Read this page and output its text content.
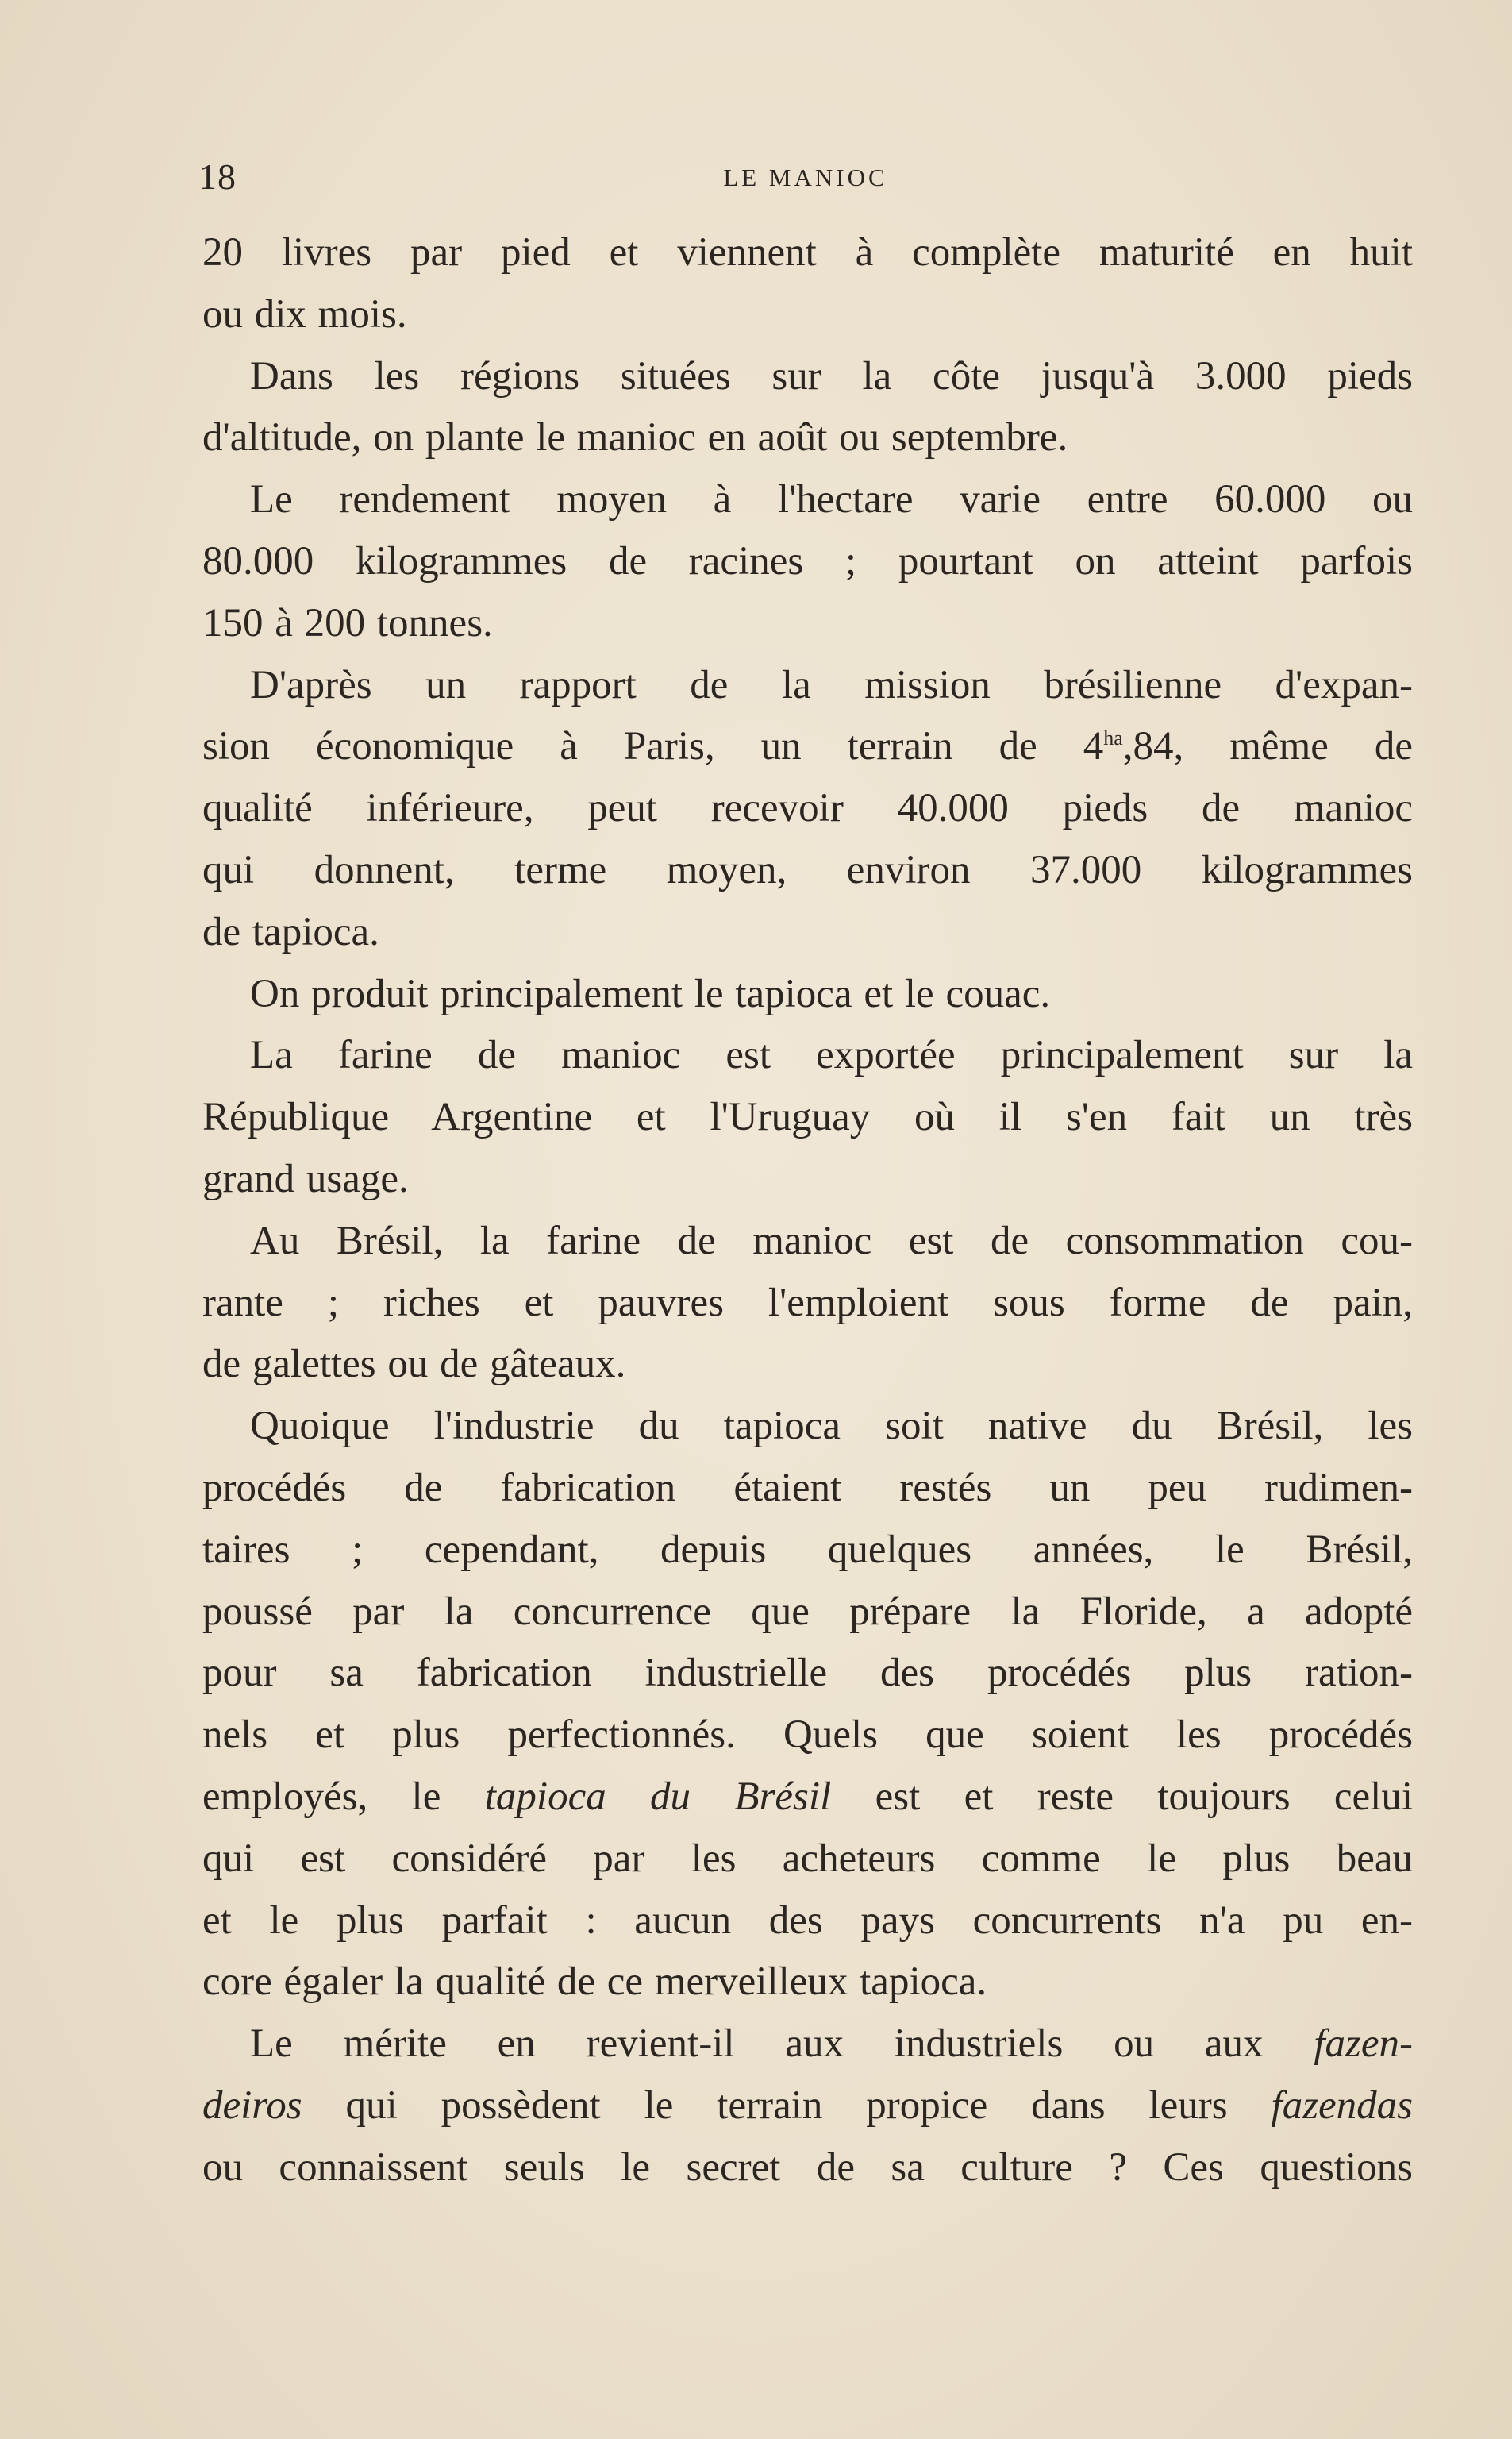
18	LE MANIOC
20 livres par pied et viennent à complète maturité en huit
ou dix mois.
Dans les régions situées sur la côte jusqu'à 3.000 pieds
d'altitude, on plante le manioc en août ou septembre.
Le rendement moyen à l'hectare varie entre 60.000 ou
80.000 kilogrammes de racines ; pourtant on atteint parfois
150 à 200 tonnes.
D'après un rapport de la mission brésilienne d'expan-
sion économique à Paris, un terrain de $4^{ha},84$, même de
qualité inférieure, peut recevoir 40.000 pieds de manioc
qui donnent, terme moyen, environ 37.000 kilogrammes
de tapioca.
On produit principalement le tapioca et le couac.
La farine de manioc est exportée principalement sur la
République Argentine et l'Uruguay où il s'en fait un très
grand usage.
Au Brésil, la farine de manioc est de consommation cou-
rante ; riches et pauvres l'emploient sous forme de pain,
de galettes ou de gâteaux.
Quoique l'industrie du tapioca soit native du Brésil, les
procédés de fabrication étaient restés un peu rudimen-
taires ; cependant, depuis quelques années, le Brésil,
poussé par la concurrence que prépare la Floride, a adopté
pour sa fabrication industrielle des procédés plus ration-
nels et plus perfectionnés. Quels que soient les procédés
employés, le tapioca du Brésil est et reste toujours celui
qui est considéré par les acheteurs comme le plus beau
et le plus parfait : aucun des pays concurrents n'a pu en-
core égaler la qualité de ce merveilleux tapioca.
Le mérite en revient-il aux industriels ou aux fazen-
deiros qui possèdent le terrain propice dans leurs fazendas
ou connaissent seuls le secret de sa culture ? Ces questions
